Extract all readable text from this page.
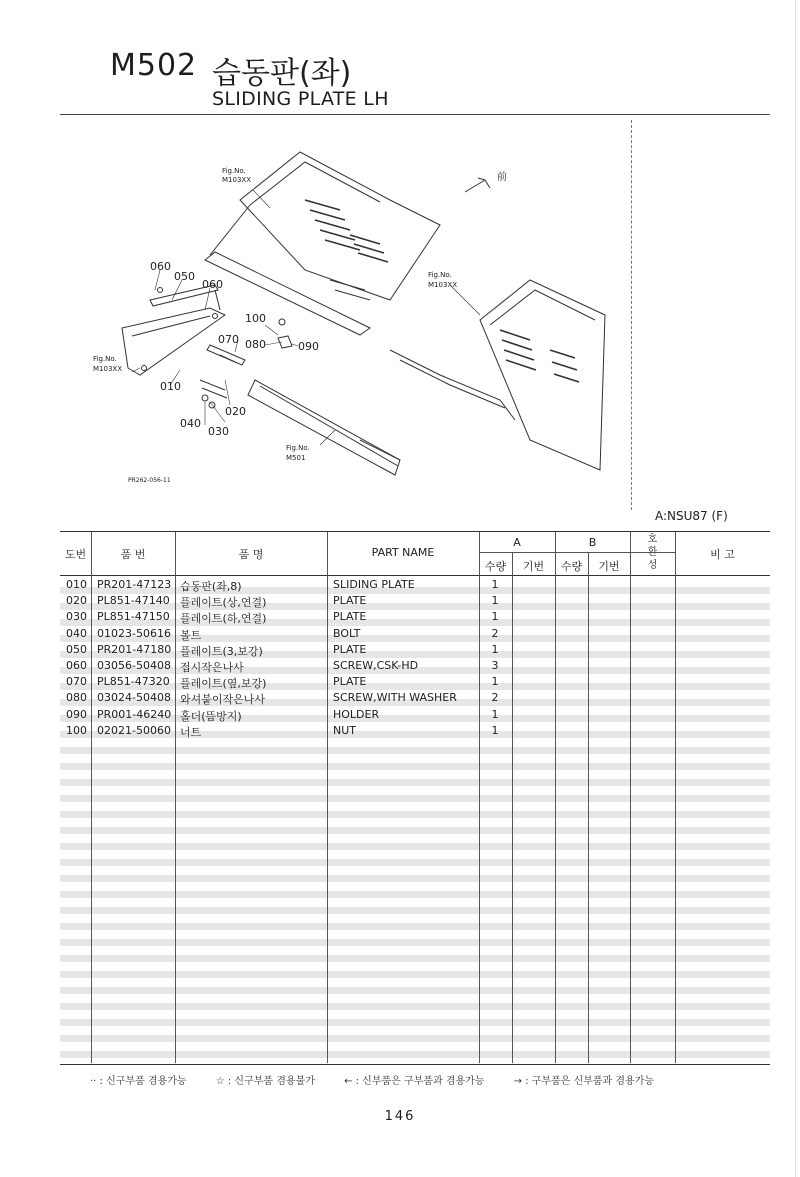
M502 습동판(좌)
SLIDING PLATE LH
Fig.No.
M103XX
Fig.No.
M103XX
Fig.No.
M103XX
Fig.No.
M501
前
PR262-056-11
060
050
060
100
070 080	090
010
020
040
030
A:NSU87 (F)
도번	품 번	품 명	PART NAME
A	B
수량	기번	수량	기번
호
성
비 고
010 PR201-47123 습동판(좌,8)	SLIDING PLATE	1
020 PL851-47140 플레이트(상,연결)	PLATE	1
030 PL851-47150 플레이트(하,연결)	PLATE	1
040 01023-50616 볼트	BOLT	2
050 PR201-47180 플레이트(3,보강)	PLATE	1
060 03056-50408 접시작은나사	SCREW,CSK-HD	3
070 PL851-47320 플레이트(옆,보강)	PLATE	1
080 03024-50408 와셔붙이작은나사	SCREW,WITH WASHER	2
090 PR001-46240 홀더(뜸방지)	HOLDER	1
100 02021-50060 너트	NUT	1
·· : 신구부품 겸용가능	☆ : 신구부품 겸용불가	← : 신부품은 구부품과 겸용가능	→ : 구부품은 신부품과 겸용가능
146
